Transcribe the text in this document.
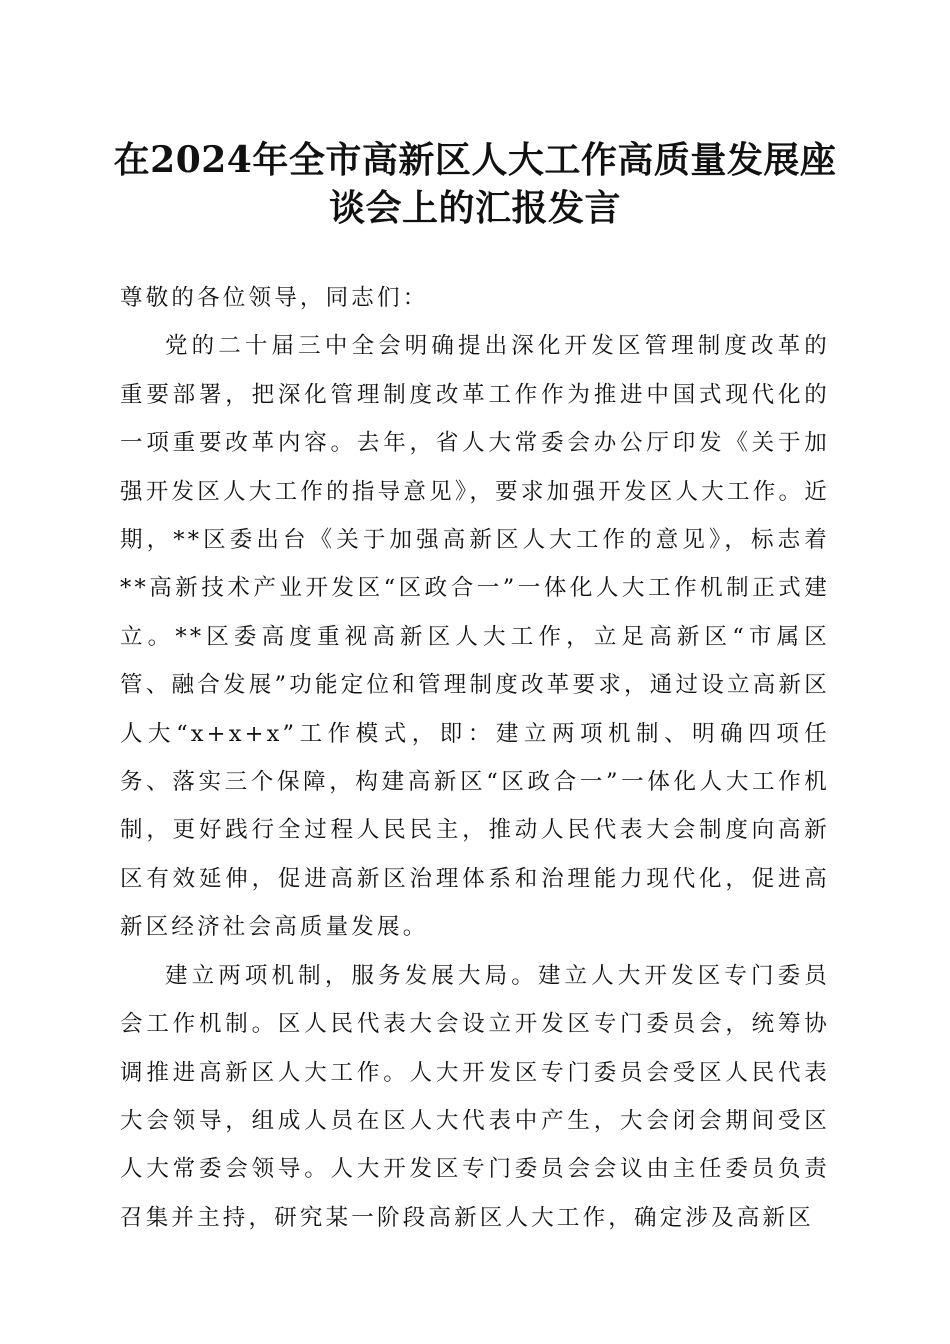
在2024年全市高新区人大工作高质量发展座
谈会上的汇报发言

尊敬的各位领导，同志们：

党的二十届三中全会明确提出深化开发区管理制度改革的重要部署，把深化管理制度改革工作作为推进中国式现代化的一项重要改革内容。去年，省人大常委会办公厅印发《关于加强开发区人大工作的指导意见》，要求加强开发区人大工作。近期，**区委出台《关于加强高新区人大工作的意见》，标志着**高新技术产业开发区“区政合一”一体化人大工作机制正式建立。**区委高度重视高新区人大工作，立足高新区“市属区管、融合发展”功能定位和管理制度改革要求，通过设立高新区人大“x+x+x”工作模式，即：建立两项机制、明确四项任务、落实三个保障，构建高新区“区政合一”一体化人大工作机制，更好践行全过程人民民主，推动人民代表大会制度向高新区有效延伸，促进高新区治理体系和治理能力现代化，促进高新区经济社会高质量发展。

建立两项机制，服务发展大局。建立人大开发区专门委员会工作机制。区人民代表大会设立开发区专门委员会，统筹协调推进高新区人大工作。人大开发区专门委员会受区人民代表大会领导，组成人员在区人大代表中产生，大会闭会期间受区人大常委会领导。人大开发区专门委员会会议由主任委员负责召集并主持，研究某一阶段高新区人大工作，确定涉及高新区
